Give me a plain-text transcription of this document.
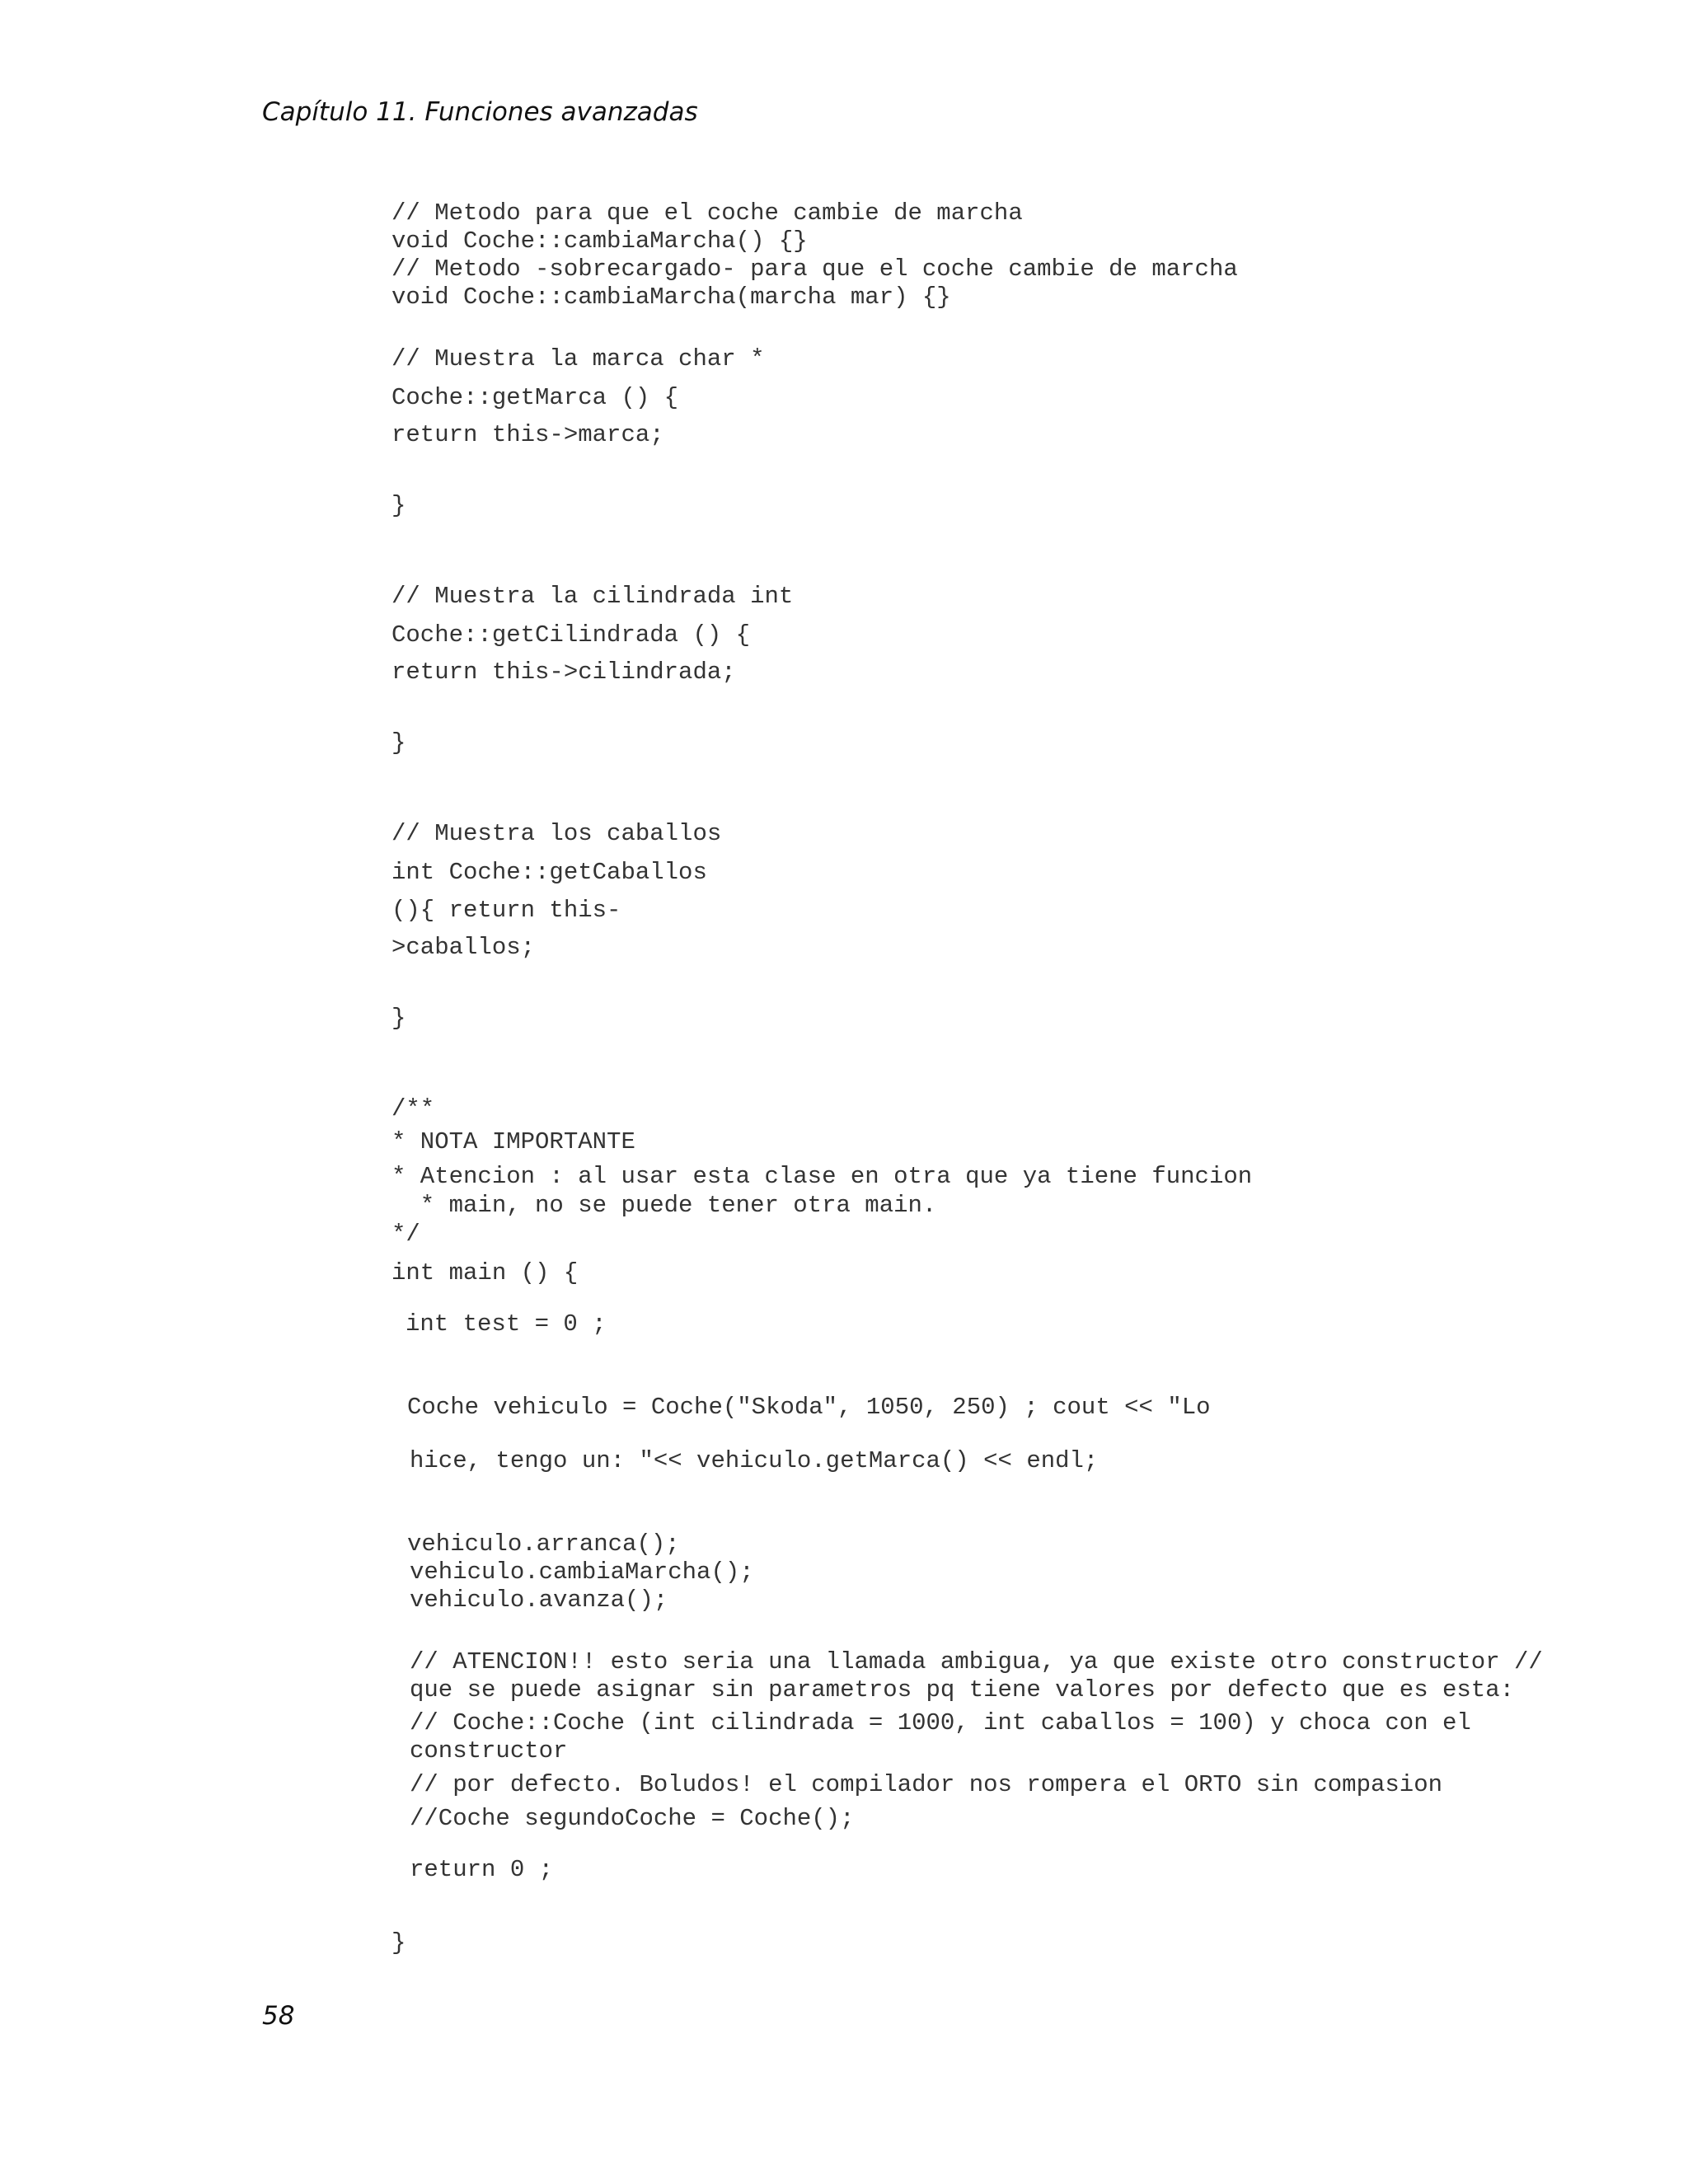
Capítulo 11. Funciones avanzadas
// Metodo para que el coche cambie de marcha
void Coche::cambiaMarcha() {}
// Metodo -sobrecargado- para que el coche cambie de marcha
void Coche::cambiaMarcha(marcha mar) {}
// Muestra la marca char *
Coche::getMarca () {
return this->marca;
}
// Muestra la cilindrada int
Coche::getCilindrada () {
return this->cilindrada;
}
// Muestra los caballos
int Coche::getCaballos
(){ return this-
>caballos;
}
/**
* NOTA IMPORTANTE
* Atencion : al usar esta clase en otra que ya tiene funcion
* main, no se puede tener otra main.
*/
int main () {
int test = 0 ;
Coche vehiculo = Coche("Skoda", 1050, 250) ; cout << "Lo
hice, tengo un: "<< vehiculo.getMarca() << endl;
vehiculo.arranca();
vehiculo.cambiaMarcha();
vehiculo.avanza();
// ATENCION!! esto seria una llamada ambigua, ya que existe otro constructor //
que se puede asignar sin parametros pq tiene valores por defecto que es esta:
// Coche::Coche (int cilindrada = 1000, int caballos = 100) y choca con el
constructor
// por defecto. Boludos! el compilador nos rompera el ORTO sin compasion
//Coche segundoCoche = Coche();
return 0 ;
}
58
